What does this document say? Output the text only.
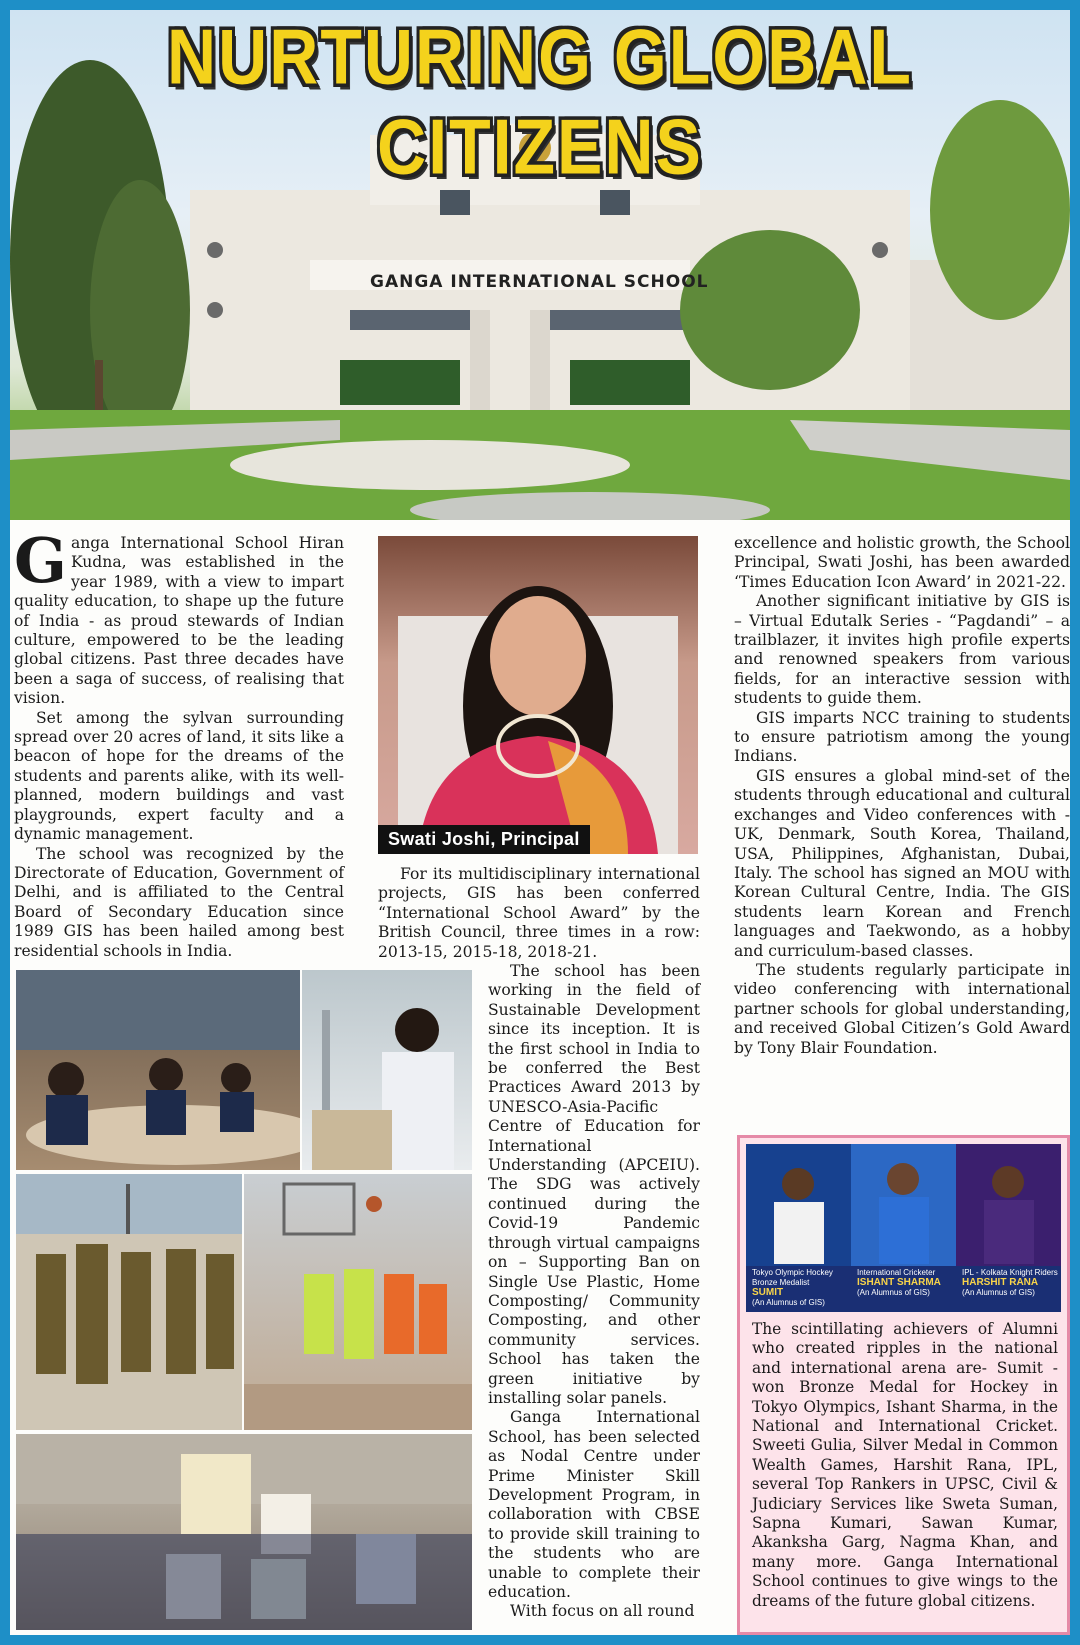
NURTURING GLOBAL CITIZENS
GANGA INTERNATIONAL SCHOOL

Ganga International School Hiran Kudna, was established in the year 1989, with a view to impart quality education, to shape up the future of India - as proud stewards of Indian culture, empowered to be the leading global citizens. Past three decades have been a saga of success, of realising that vision.

Set among the sylvan surrounding spread over 20 acres of land, it sits like a beacon of hope for the dreams of the students and parents alike, with its well-planned, modern buildings and vast playgrounds, expert faculty and a dynamic management.

The school was recognized by the Directorate of Education, Government of Delhi, and is affiliated to the Central Board of Secondary Education since 1989 GIS has been hailed among best residential schools in India.

Swati Joshi, Principal

For its multidisciplinary international projects, GIS has been conferred “International School Award” by the British Council, three times in a row: 2013-15, 2015-18, 2018-21.

The school has been working in the field of Sustainable Development since its inception. It is the first school in India to be conferred the Best Practices Award 2013 by UNESCO-Asia-Pacific Centre of Education for International Understanding (APCEIU). The SDG was actively continued during the Covid-19 Pandemic through virtual campaigns on – Supporting Ban on Single Use Plastic, Home Composting/ Community Composting, and other community services. School has taken the green initiative by installing solar panels.

Ganga International School, has been selected as Nodal Centre under Prime Minister Skill Development Program, in collaboration with CBSE to provide skill training to the students who are unable to complete their education.

With focus on all round

excellence and holistic growth, the School Principal, Swati Joshi, has been awarded ‘Times Education Icon Award’ in 2021-22.

Another significant initiative by GIS is – Virtual Edutalk Series - “Pagdandi” – a trailblazer, it invites high profile experts and renowned speakers from various fields, for an interactive session with students to guide them.

GIS imparts NCC training to students to ensure patriotism among the young Indians.

GIS ensures a global mind-set of the students through educational and cultural exchanges and Video conferences with - UK, Denmark, South Korea, Thailand, USA, Philippines, Afghanistan, Dubai, Italy. The school has signed an MOU with Korean Cultural Centre, India. The GIS students learn Korean and French languages and Taekwondo, as a hobby and curriculum-based classes.

The students regularly participate in video conferencing with international partner schools for global understanding, and received Global Citizen’s Gold Award by Tony Blair Foundation.

Tokyo Olympic Hockey Bronze Medalist
SUMIT
(An Alumnus of GIS)
International Cricketer
ISHANT SHARMA
(An Alumnus of GIS)
IPL - Kolkata Knight Riders
HARSHIT RANA
(An Alumnus of GIS)
The scintillating achievers of Alumni who created ripples in the national and international arena are- Sumit - won Bronze Medal for Hockey in Tokyo Olympics, Ishant Sharma, in the National and International Cricket. Sweeti Gulia, Silver Medal in Common Wealth Games, Harshit Rana, IPL, several Top Rankers in UPSC, Civil & Judiciary Services like Sweta Suman, Sapna Kumari, Sawan Kumar, Akanksha Garg, Nagma Khan, and many more. Ganga International School continues to give wings to the dreams of the future global citizens.
